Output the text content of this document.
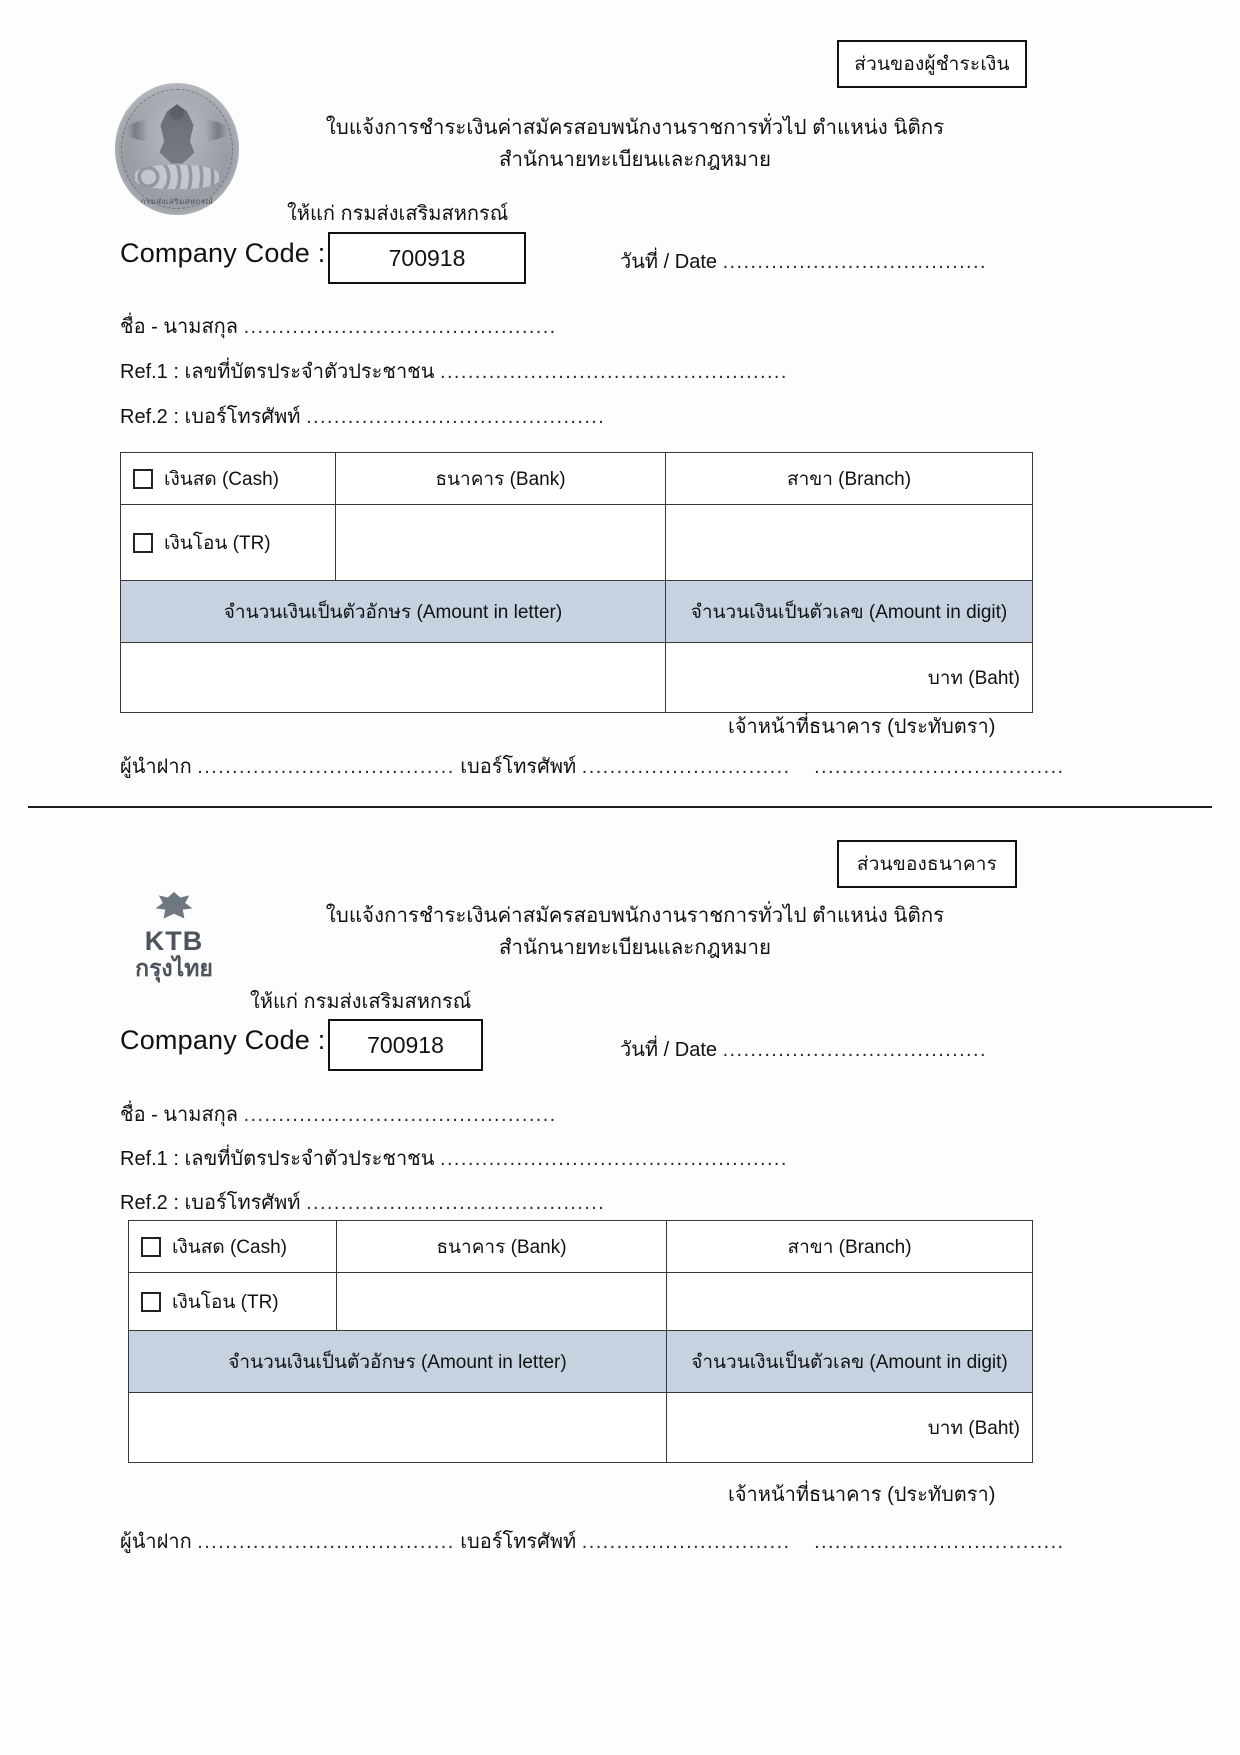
ส่วนของผู้ชำระเงิน
กรมส่งเสริมสหกรณ์
ใบแจ้งการชำระเงินค่าสมัครสอบพนักงานราชการทั่วไป ตำแหน่ง นิติกร
สำนักนายทะเบียนและกฎหมาย
ให้แก่ กรมส่งเสริมสหกรณ์
Company Code :	700918	วันที่ / Date ......................................
ชื่อ - นามสกุล .............................................
Ref.1 : เลขที่บัตรประจำตัวประชาชน ..................................................
Ref.2 : เบอร์โทรศัพท์ ...........................................
เงินสด (Cash)	ธนาคาร (Bank)	สาขา (Branch)

เงินโอน (TR)		

จำนวนเงินเป็นตัวอักษร (Amount in letter)		จำนวนเงินเป็นตัวเลข (Amount in digit)
		บาท (Baht)
เจ้าหน้าที่ธนาคาร (ประทับตรา)
ผู้นำฝาก ..................................... เบอร์โทรศัพท์ .............................. ....................................
ส่วนของธนาคาร
KTB
กรุงไทย
ใบแจ้งการชำระเงินค่าสมัครสอบพนักงานราชการทั่วไป ตำแหน่ง นิติกร
สำนักนายทะเบียนและกฎหมาย
ให้แก่ กรมส่งเสริมสหกรณ์
Company Code : 700918	วันที่ / Date ......................................
ชื่อ - นามสกุล .............................................
Ref.1 : เลขที่บัตรประจำตัวประชาชน ..................................................
Ref.2 : เบอร์โทรศัพท์ ...........................................
เงินสด (Cash)	ธนาคาร (Bank)	สาขา (Branch)

เงินโอน (TR)		

จำนวนเงินเป็นตัวอักษร (Amount in letter)		จำนวนเงินเป็นตัวเลข (Amount in digit)
		บาท (Baht)
เจ้าหน้าที่ธนาคาร (ประทับตรา)
ผู้นำฝาก ..................................... เบอร์โทรศัพท์ .............................. ....................................
